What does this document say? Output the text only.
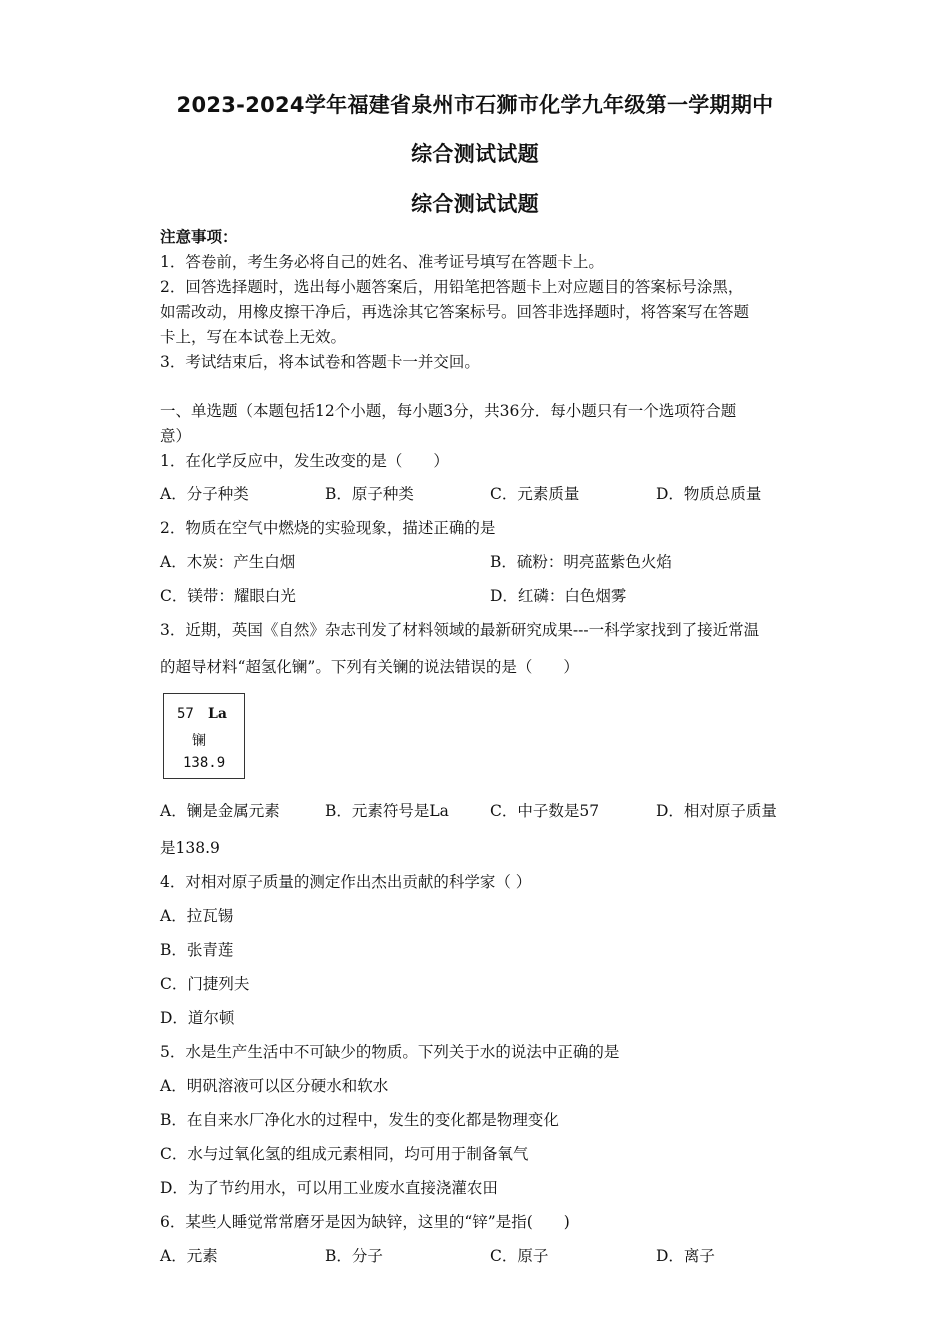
2023-2024学年福建省泉州市石狮市化学九年级第一学期期中
综合测试试题
综合测试试题
注意事项：
1．答卷前，考生务必将自己的姓名、准考证号填写在答题卡上。
2．回答选择题时，选出每小题答案后，用铅笔把答题卡上对应题目的答案标号涂黑，
如需改动，用橡皮擦干净后，再选涂其它答案标号。回答非选择题时，将答案写在答题
卡上，写在本试卷上无效。
3．考试结束后，将本试卷和答题卡一并交回。
一、单选题（本题包括12个小题，每小题3分，共36分．每小题只有一个选项符合题
意）
1．在化学反应中，发生改变的是（　　）
A．分子种类	B．原子种类	C．元素质量	D．物质总质量
2．物质在空气中燃烧的实验现象，描述正确的是
A．木炭：产生白烟	B．硫粉：明亮蓝紫色火焰
C．镁带：耀眼白光	D．红磷：白色烟雾
3．近期，英国《自然》杂志刊发了材料领域的最新研究成果---一科学家找到了接近常温
的超导材料“超氢化镧”。下列有关镧的说法错误的是（　　）
57 La
镧
138.9
A．镧是金属元素	B．元素符号是La	C．中子数是57	D．相对原子质量
是138.9
4．对相对原子质量的测定作出杰出贡献的科学家（ ）
A．拉瓦锡
B．张青莲
C．门捷列夫
D．道尔顿
5．水是生产生活中不可缺少的物质。下列关于水的说法中正确的是
A．明矾溶液可以区分硬水和软水
B．在自来水厂净化水的过程中，发生的变化都是物理变化
C．水与过氧化氢的组成元素相同，均可用于制备氧气
D．为了节约用水，可以用工业废水直接浇灌农田
6．某些人睡觉常常磨牙是因为缺锌，这里的“锌”是指(　　)
A．元素	B．分子	C．原子	D．离子
